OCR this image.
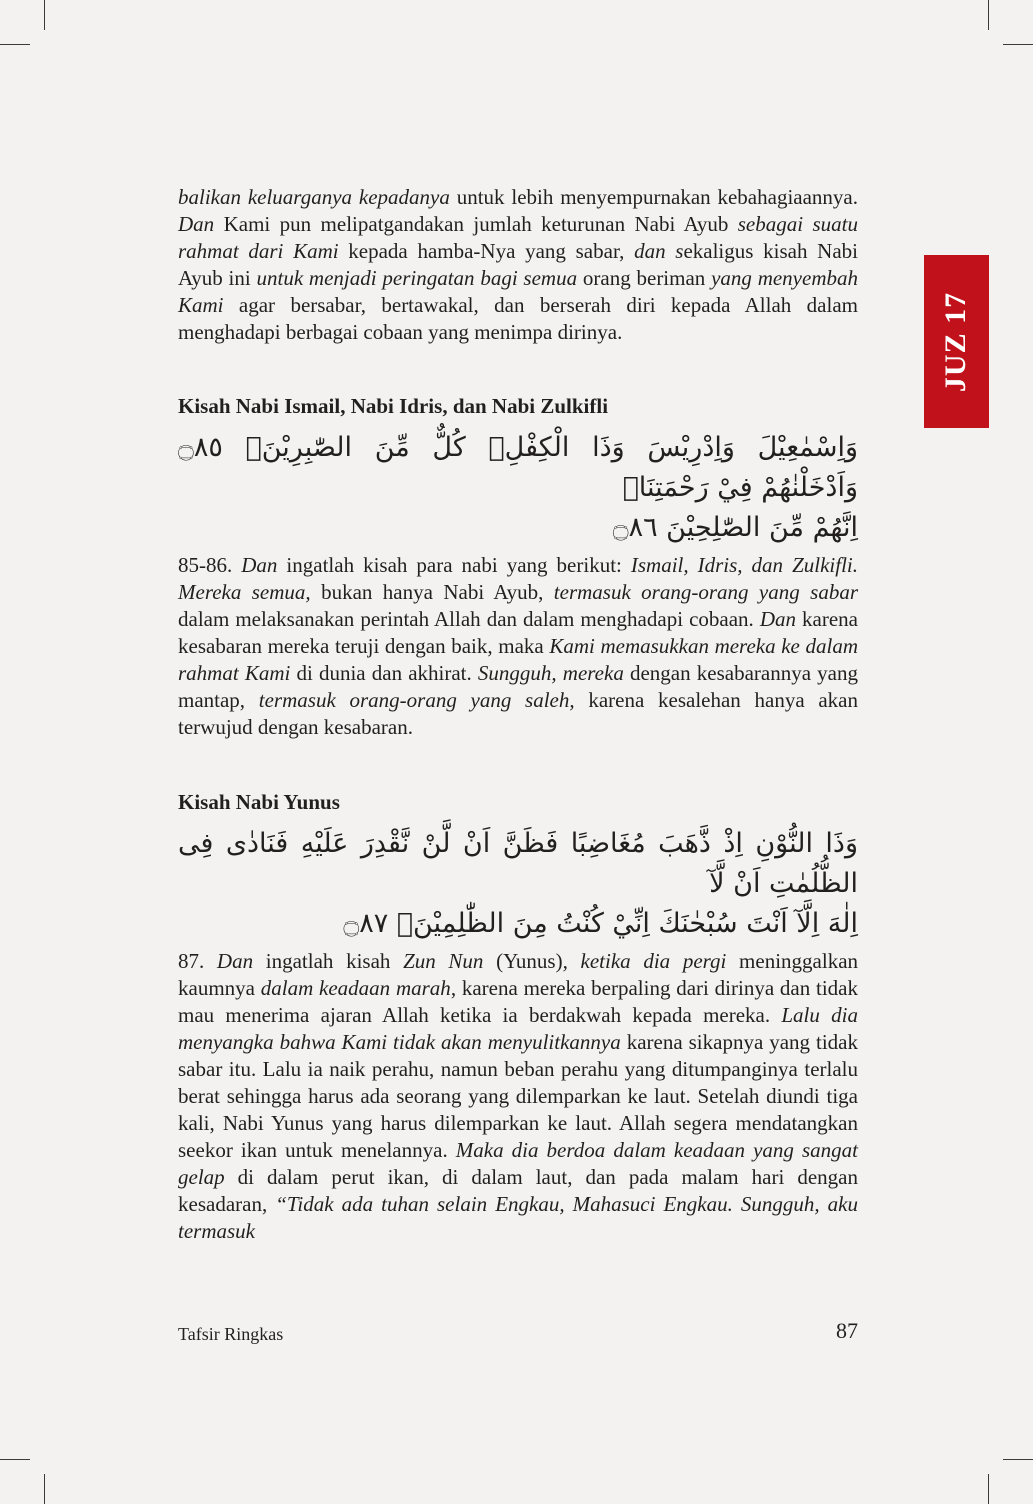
JUZ 17

balikan keluarganya kepadanya untuk lebih menyempurnakan kebahagiaannya. Dan Kami pun melipatgandakan jumlah keturunan Nabi Ayub sebagai suatu rahmat dari Kami kepada hamba-Nya yang sabar, dan sekaligus kisah Nabi Ayub ini untuk menjadi peringatan bagi semua orang beriman yang menyembah Kami agar bersabar, bertawakal, dan berserah diri kepada Allah dalam menghadapi berbagai cobaan yang menimpa dirinya.

Kisah Nabi Ismail, Nabi Idris, dan Nabi Zulkifli

وَاِسْمٰعِيْلَ وَاِدْرِيْسَ وَذَا الْكِفْلِۗ كُلٌّ مِّنَ الصّٰبِرِيْنَۙ ۝٨٥ وَاَدْخَلْنٰهُمْ فِيْ رَحْمَتِنَاۗ
اِنَّهُمْ مِّنَ الصّٰلِحِيْنَ ۝٨٦

85-86. Dan ingatlah kisah para nabi yang berikut: Ismail, Idris, dan Zulkifli. Mereka semua, bukan hanya Nabi Ayub, termasuk orang-orang yang sabar dalam melaksanakan perintah Allah dan dalam menghadapi cobaan. Dan karena kesabaran mereka teruji dengan baik, maka Kami memasukkan mereka ke dalam rahmat Kami di dunia dan akhirat. Sungguh, mereka dengan kesabarannya yang mantap, termasuk orang-orang yang saleh, karena kesalehan hanya akan terwujud dengan kesabaran.

Kisah Nabi Yunus

وَذَا النُّوْنِ اِذْ ذَّهَبَ مُغَاضِبًا فَظَنَّ اَنْ لَّنْ نَّقْدِرَ عَلَيْهِ فَنَادٰى فِى الظُّلُمٰتِ اَنْ لَّآ
اِلٰهَ اِلَّآ اَنْتَ سُبْحٰنَكَ اِنِّيْ كُنْتُ مِنَ الظّٰلِمِيْنَۚ ۝٨٧

87. Dan ingatlah kisah Zun Nun (Yunus), ketika dia pergi meninggalkan kaumnya dalam keadaan marah, karena mereka berpaling dari dirinya dan tidak mau menerima ajaran Allah ketika ia berdakwah kepada mereka. Lalu dia menyangka bahwa Kami tidak akan menyulitkannya karena sikapnya yang tidak sabar itu. Lalu ia naik perahu, namun beban perahu yang ditumpanginya terlalu berat sehingga harus ada seorang yang dilemparkan ke laut. Setelah diundi tiga kali, Nabi Yunus yang harus dilemparkan ke laut. Allah segera mendatangkan seekor ikan untuk menelannya. Maka dia berdoa dalam keadaan yang sangat gelap di dalam perut ikan, di dalam laut, dan pada malam hari dengan kesadaran, “Tidak ada tuhan selain Engkau, Mahasuci Engkau. Sungguh, aku termasuk

Tafsir Ringkas	87
